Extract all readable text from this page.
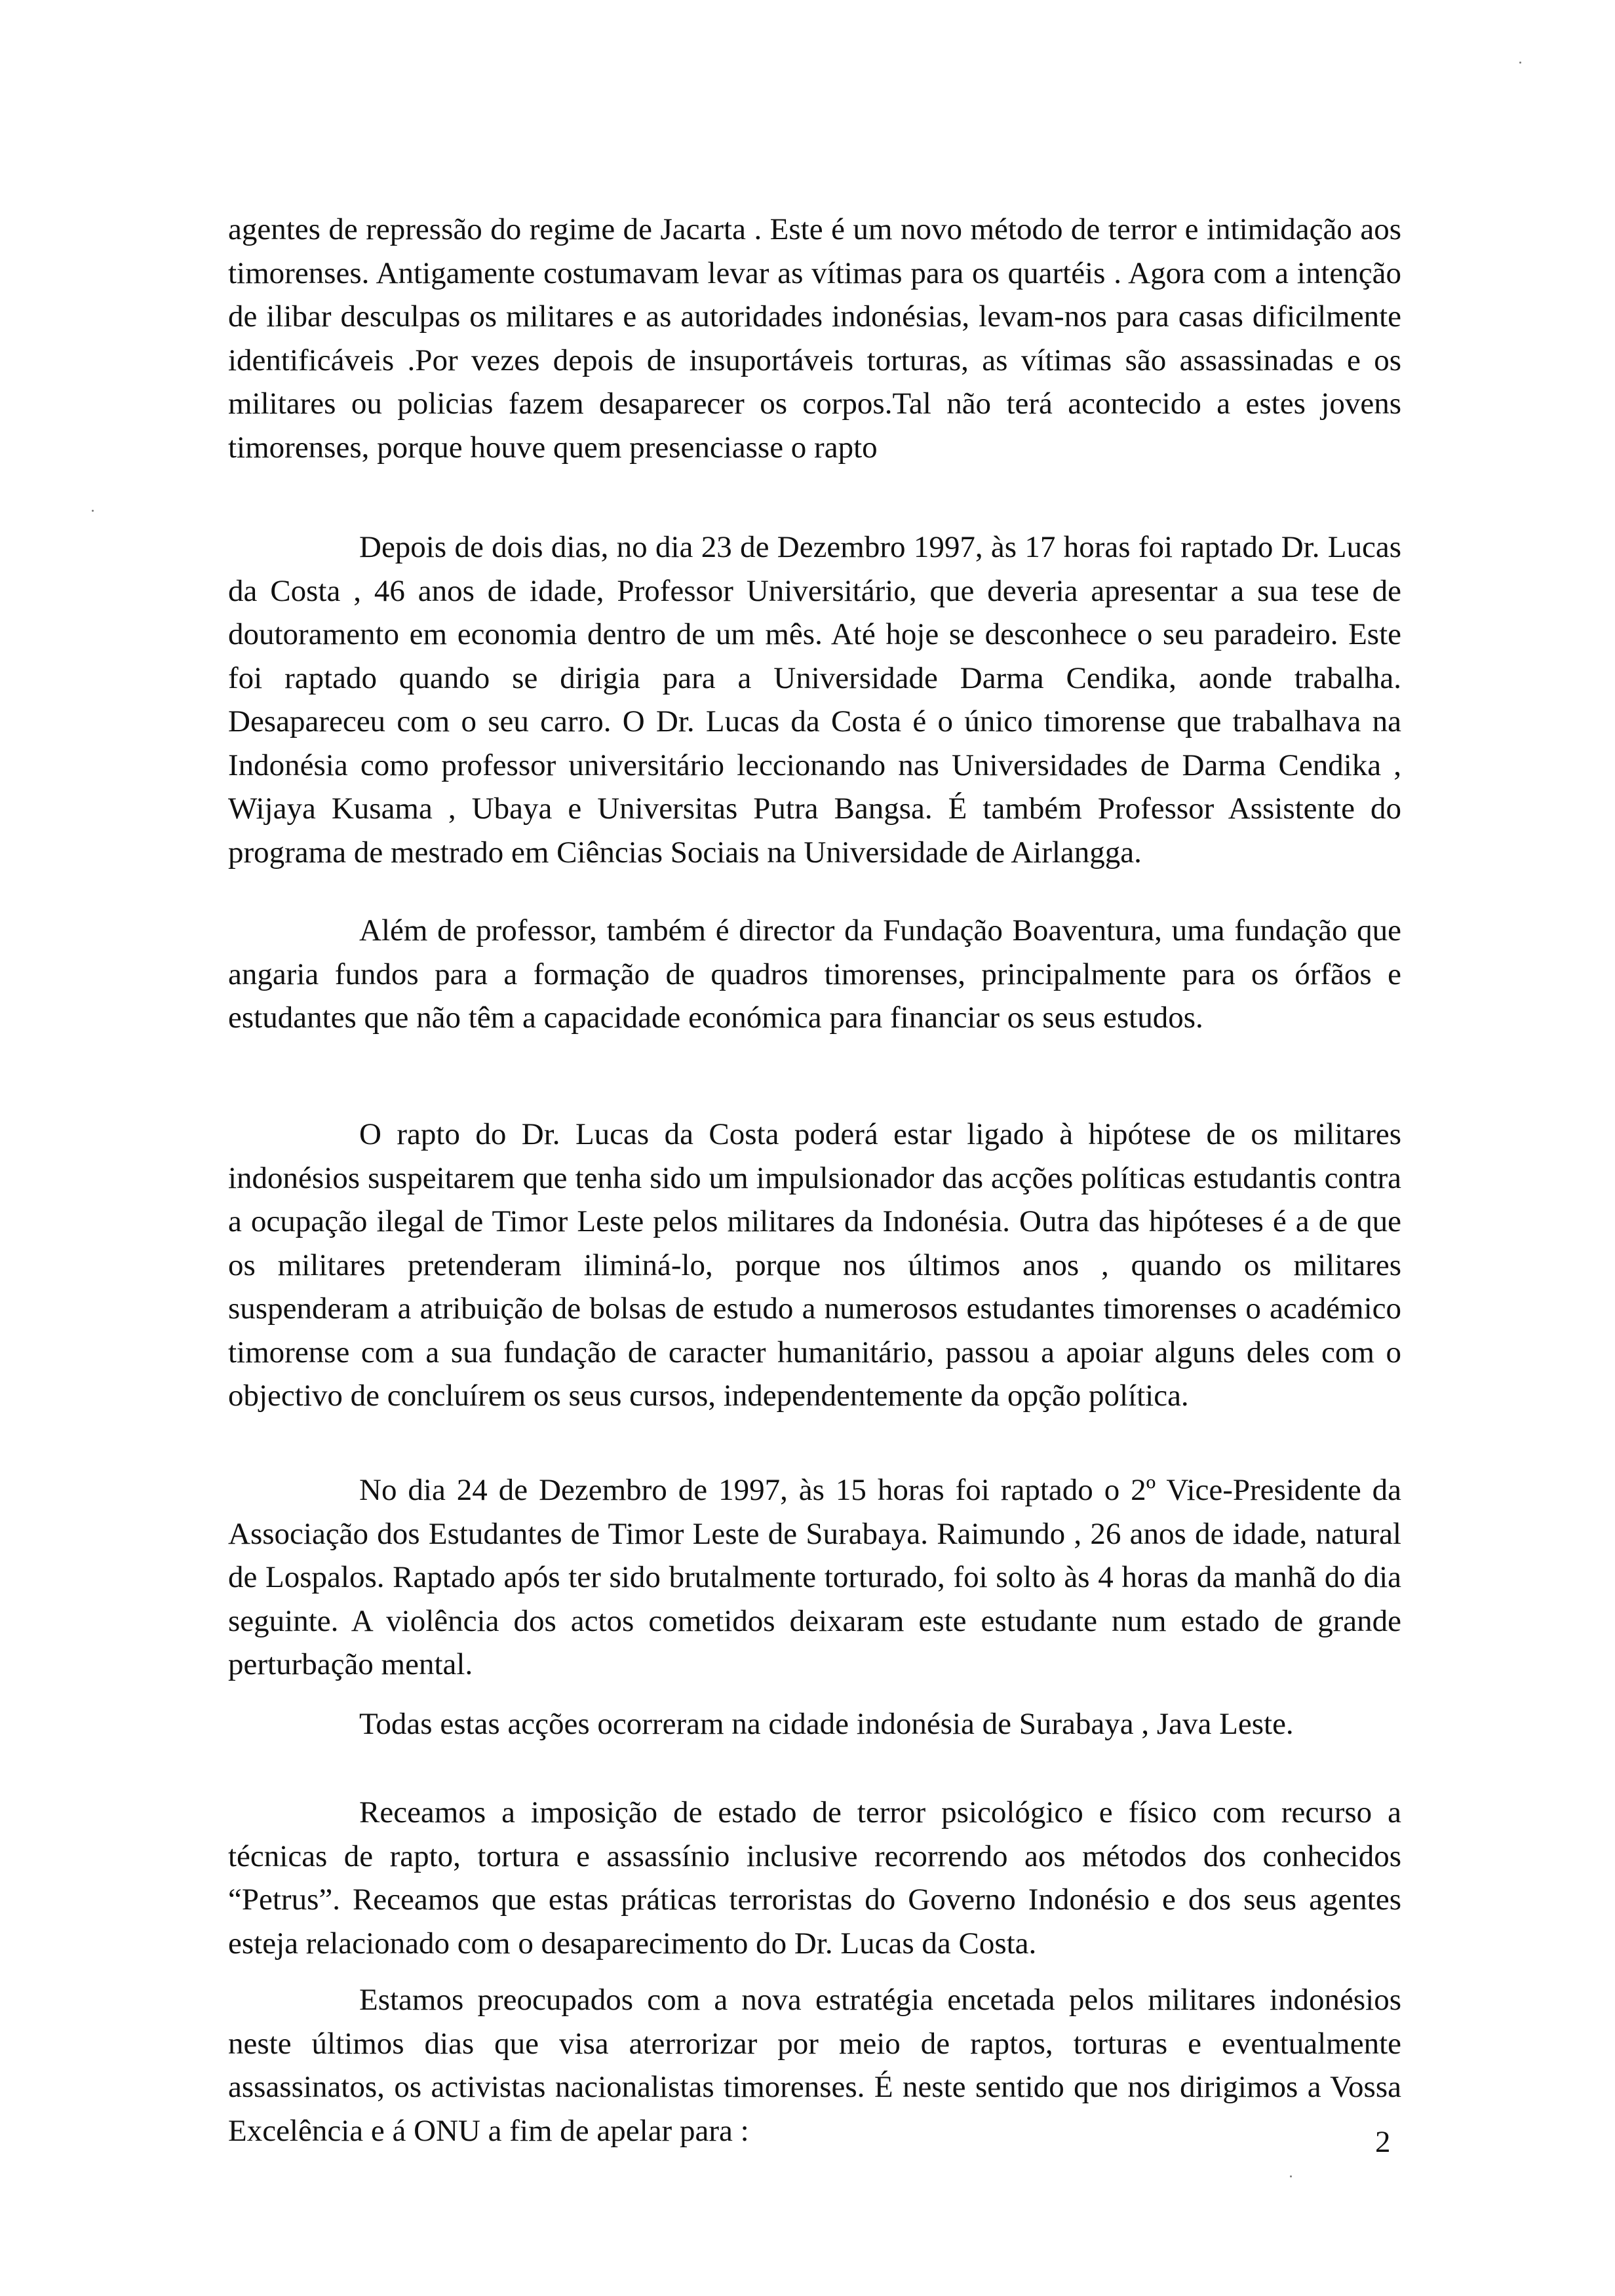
agentes de repressão do regime de Jacarta . Este é um novo método de terror e intimidação aos timorenses. Antigamente costumavam levar as vítimas para os quartéis . Agora com a intenção de ilibar desculpas os militares e as autoridades indonésias, levam-nos para casas dificilmente identificáveis .Por vezes depois de insuportáveis torturas, as vítimas são assassinadas e os militares ou policias fazem desaparecer os corpos.Tal não terá acontecido a estes jovens timorenses, porque houve quem presenciasse o rapto

Depois de dois dias, no dia 23 de Dezembro 1997, às 17 horas foi raptado Dr. Lucas da Costa , 46 anos de idade, Professor Universitário, que deveria apresentar a sua tese de doutoramento em economia dentro de um mês. Até hoje se desconhece o seu paradeiro. Este foi raptado quando se dirigia para a Universidade Darma Cendika, aonde trabalha. Desapareceu com o seu carro. O Dr. Lucas da Costa é o único timorense que trabalhava na Indonésia como professor universitário leccionando nas Universidades de Darma Cendika , Wijaya Kusama , Ubaya e Universitas Putra Bangsa. É também Professor Assistente do programa de mestrado em Ciências Sociais na Universidade de Airlangga.

Além de professor, também é director da Fundação Boaventura, uma fundação que angaria fundos para a formação de quadros timorenses, principalmente para os órfãos e estudantes que não têm a capacidade económica para financiar os seus estudos.

O rapto do Dr. Lucas da Costa poderá estar ligado à hipótese de os militares indonésios suspeitarem que tenha sido um impulsionador das acções políticas estudantis contra a ocupação ilegal de Timor Leste pelos militares da Indonésia. Outra das hipóteses é a de que os militares pretenderam iliminá-lo, porque nos últimos anos , quando os militares suspenderam a atribuição de bolsas de estudo a numerosos estudantes timorenses o académico timorense com a sua fundação de caracter humanitário, passou a apoiar alguns deles com o objectivo de concluírem os seus cursos, independentemente da opção política.

No dia 24 de Dezembro de 1997, às 15 horas foi raptado o 2º Vice-Presidente da Associação dos Estudantes de Timor Leste de Surabaya. Raimundo , 26 anos de idade, natural de Lospalos. Raptado após ter sido brutalmente torturado, foi solto às 4 horas da manhã do dia seguinte. A violência dos actos cometidos deixaram este estudante num estado de grande perturbação mental.

Todas estas acções ocorreram na cidade indonésia de Surabaya , Java Leste.

Receamos a imposição de estado de terror psicológico e físico com recurso a técnicas de rapto, tortura e assassínio inclusive recorrendo aos métodos dos conhecidos “Petrus”. Receamos que estas práticas terroristas do Governo Indonésio e dos seus agentes esteja relacionado com o desaparecimento do Dr. Lucas da Costa.

Estamos preocupados com a nova estratégia encetada pelos militares indonésios neste últimos dias que visa aterrorizar por meio de raptos, torturas e eventualmente assassinatos, os activistas nacionalistas timorenses. É neste sentido que nos dirigimos a Vossa Excelência e á ONU a fim de apelar para :	2
